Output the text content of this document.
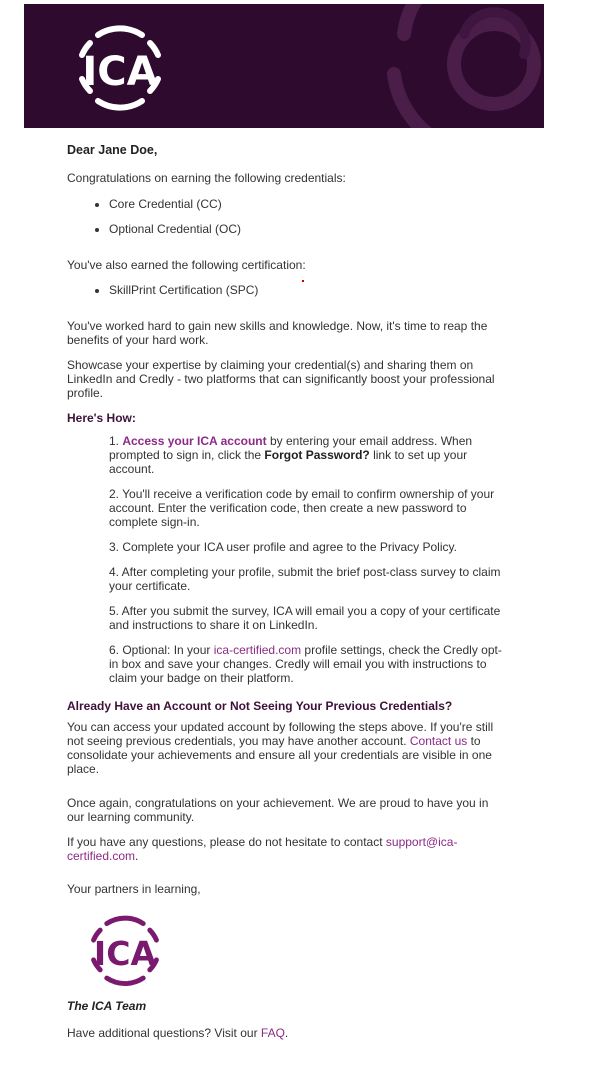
ICA

Dear Jane Doe,

Congratulations on earning the following credentials:

Core Credential (CC)
Optional Credential (OC)

You've also earned the following certification:

SkillPrint Certification (SPC)

You've worked hard to gain new skills and knowledge. Now, it's time to reap the benefits of your hard work.

Showcase your expertise by claiming your credential(s) and sharing them on LinkedIn and Credly - two platforms that can significantly boost your professional profile.

Here's How:

1. Access your ICA account by entering your email address. When prompted to sign in, click the Forgot Password? link to set up your account.
2. You'll receive a verification code by email to confirm ownership of your account. Enter the verification code, then create a new password to complete sign-in.
3. Complete your ICA user profile and agree to the Privacy Policy.
4. After completing your profile, submit the brief post-class survey to claim your certificate.
5. After you submit the survey, ICA will email you a copy of your certificate and instructions to share it on LinkedIn.
6. Optional: In your ica-certified.com profile settings, check the Credly opt-in box and save your changes. Credly will email you with instructions to claim your badge on their platform.

Already Have an Account or Not Seeing Your Previous Credentials?

You can access your updated account by following the steps above. If you're still not seeing previous credentials, you may have another account. Contact us to consolidate your achievements and ensure all your credentials are visible in one place.

Once again, congratulations on your achievement. We are proud to have you in our learning community.

If you have any questions, please do not hesitate to contact support@ica-certified.com.

Your partners in learning,

ICA

The ICA Team

Have additional questions? Visit our FAQ.
